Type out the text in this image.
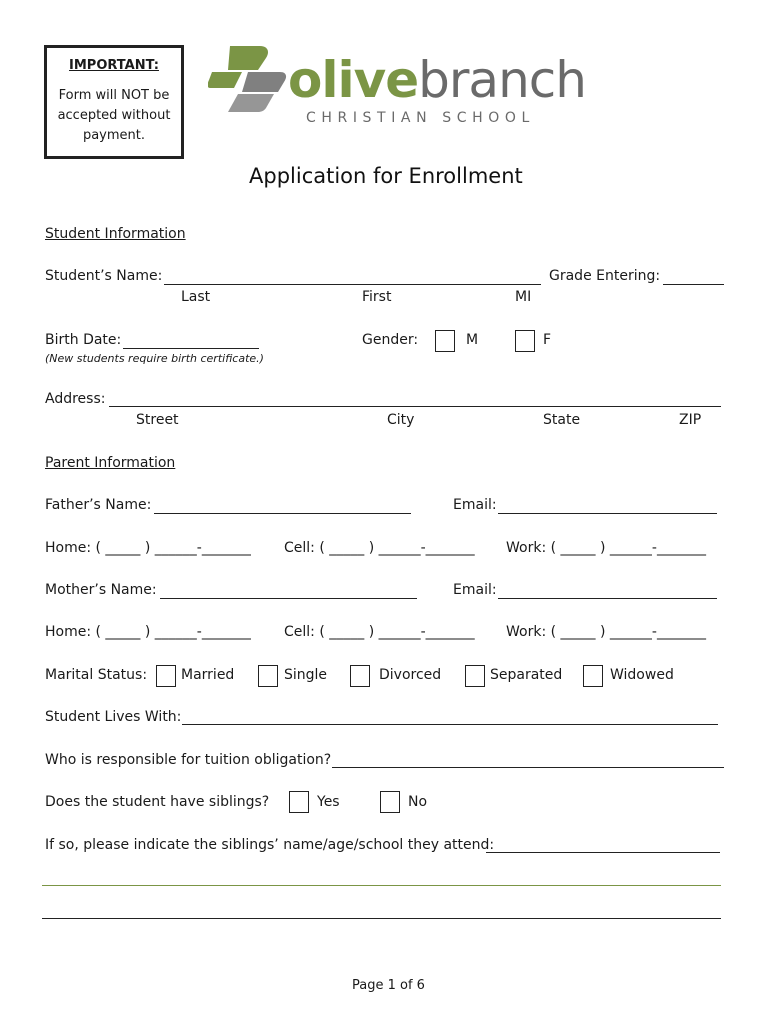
IMPORTANT:
Form will NOT be accepted without payment.
olivebranch
CHRISTIAN SCHOOL
Application for Enrollment
Student Information
Student’s Name:	Grade Entering:
Last	First	MI
Birth Date:
(New students require birth certificate.)
Gender:	M	F
Address:
Street	City	State	ZIP
Parent Information
Father’s Name:	Email:
Home: ( _____ ) ______-_______ Cell: ( _____ ) ______-_______ Work: ( _____ ) ______-_______
Mother’s Name:	Email:
Home: ( _____ ) ______-_______ Cell: ( _____ ) ______-_______ Work: ( _____ ) ______-_______
Marital Status: Married	Single	Divorced	Separated	Widowed
Student Lives With:
Who is responsible for tuition obligation?
Does the student have siblings?	Yes	No
If so, please indicate the siblings’ name/age/school they attend:
Page 1 of 6
